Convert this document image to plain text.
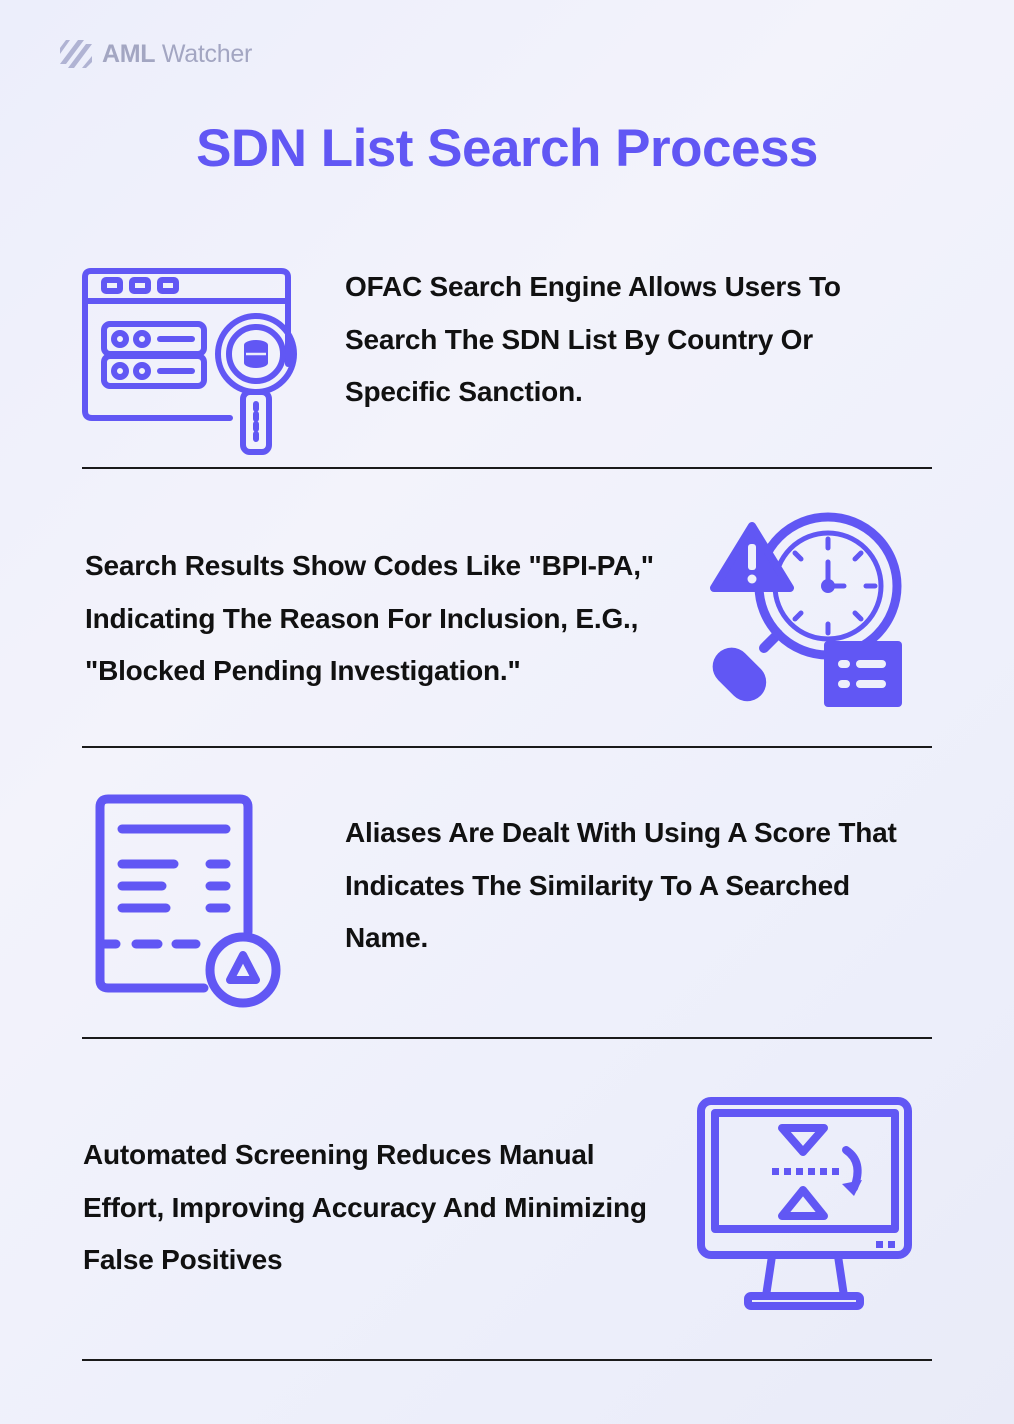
AML Watcher
SDN List Search Process

OFAC Search Engine Allows Users To
Search The SDN List By Country Or
Specific Sanction.

Search Results Show Codes Like "BPI-PA,"
Indicating The Reason For Inclusion, E.G.,
"Blocked Pending Investigation."

Aliases Are Dealt With Using A Score That
Indicates The Similarity To A Searched
Name.

Automated Screening Reduces Manual
Effort, Improving Accuracy And Minimizing
False Positives
